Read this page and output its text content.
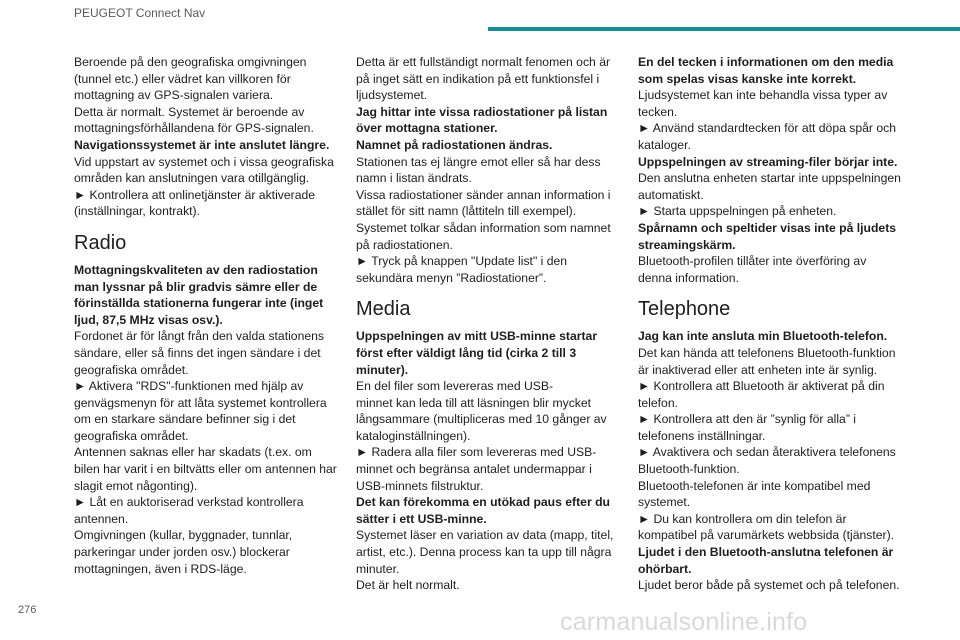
PEUGEOT Connect Nav

Beroende på den geografiska omgivningen
(tunnel etc.) eller vädret kan villkoren för
mottagning av GPS-signalen variera.
Detta är normalt. Systemet är beroende av
mottagningsförhållandena för GPS-signalen.

Navigationssystemet är inte anslutet längre.

Vid uppstart av systemet och i vissa geografiska
områden kan anslutningen vara otillgänglig.
► Kontrollera att onlinetjänster är aktiverade
(inställningar, kontrakt).

Radio

Mottagningskvaliteten av den radiostation
man lyssnar på blir gradvis sämre eller de
förinställda stationerna fungerar inte (inget
ljud, 87,5 MHz visas osv.).

Fordonet är för långt från den valda stationens
sändare, eller så finns det ingen sändare i det
geografiska området.
► Aktivera "RDS"-funktionen med hjälp av
genvägsmenyn för att låta systemet kontrollera
om en starkare sändare befinner sig i det
geografiska området.
Antennen saknas eller har skadats (t.ex. om
bilen har varit i en biltvätts eller om antennen har
slagit emot någonting).
► Låt en auktoriserad verkstad kontrollera
antennen.
Omgivningen (kullar, byggnader, tunnlar,
parkeringar under jorden osv.) blockerar
mottagningen, även i RDS-läge.

Detta är ett fullständigt normalt fenomen och är
på inget sätt en indikation på ett funktionsfel i
ljudsystemet.

Jag hittar inte vissa radiostationer på listan
över mottagna stationer.
Namnet på radiostationen ändras.

Stationen tas ej längre emot eller så har dess
namn i listan ändrats.
Vissa radiostationer sänder annan information i
stället för sitt namn (låttiteln till exempel).
Systemet tolkar sådan information som namnet
på radiostationen.
► Tryck på knappen "Update list" i den
sekundära menyn ”Radiostationer”.

Media

Uppspelningen av mitt USB-minne startar
först efter väldigt lång tid (cirka 2 till 3
minuter).

En del filer som levereras med USB-
minnet kan leda till att läsningen blir mycket
långsammare (multipliceras med 10 gånger av
kataloginställningen).
► Radera alla filer som levereras med USB-
minnet och begränsa antalet undermappar i
USB-minnets filstruktur.

Det kan förekomma en utökad paus efter du
sätter i ett USB-minne.

Systemet läser en variation av data (mapp, titel,
artist, etc.). Denna process kan ta upp till några
minuter.
Det är helt normalt.

En del tecken i informationen om den media
som spelas visas kanske inte korrekt.

Ljudsystemet kan inte behandla vissa typer av
tecken.
► Använd standardtecken för att döpa spår och
kataloger.

Uppspelningen av streaming-filer börjar inte.

Den anslutna enheten startar inte uppspelningen
automatiskt.
► Starta uppspelningen på enheten.

Spårnamn och speltider visas inte på ljudets
streamingskärm.

Bluetooth-profilen tillåter inte överföring av
denna information.

Telephone

Jag kan inte ansluta min Bluetooth-telefon.

Det kan hända att telefonens Bluetooth-funktion
är inaktiverad eller att enheten inte är synlig.
► Kontrollera att Bluetooth är aktiverat på din
telefon.
► Kontrollera att den är ”synlig för alla” i
telefonens inställningar.
► Avaktivera och sedan återaktivera telefonens
Bluetooth-funktion.
Bluetooth-telefonen är inte kompatibel med
systemet.
► Du kan kontrollera om din telefon är
kompatibel på varumärkets webbsida (tjänster).

Ljudet i den Bluetooth-anslutna telefonen är
ohörbart.

Ljudet beror både på systemet och på telefonen.

276	carmanualsonline.info
